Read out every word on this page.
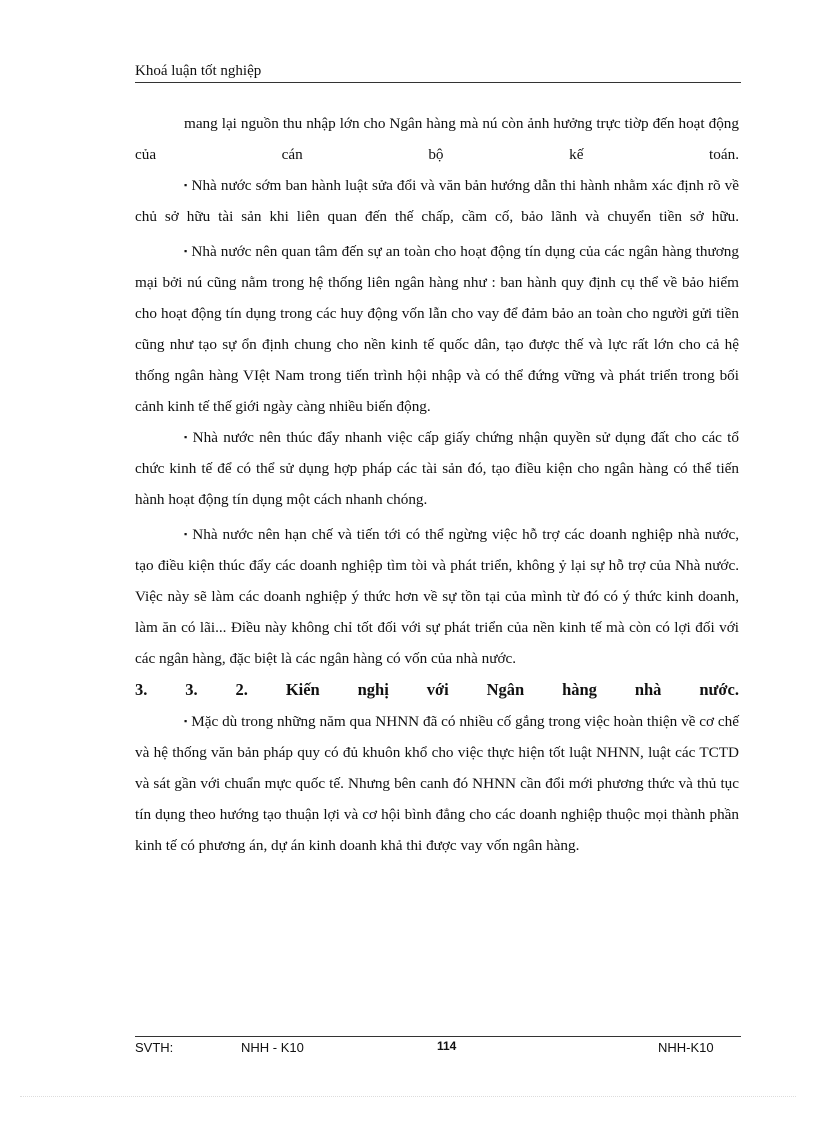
Khoá luận tốt nghiệp

mang lại nguồn thu nhập lớn cho Ngân hàng mà nú còn ảnh hưởng trực tiờp đến hoạt động của cán bộ kế toán.

▪ Nhà nước sớm ban hành luật sửa đổi và văn bản hướng dẫn thi hành nhằm xác định rõ về chủ sở hữu tài sản khi liên quan đến thế chấp, cầm cố, bảo lãnh và chuyển tiền sở hữu.

▪ Nhà nước nên quan tâm đến sự an toàn cho hoạt động tín dụng của các ngân hàng thương mại bởi nú cũng nằm trong hệ thống liên ngân hàng như : ban hành quy định cụ thể về bảo hiểm cho hoạt động tín dụng trong các huy động vốn lẫn cho vay để đảm bảo an toàn cho người gửi tiền cũng như tạo sự ổn định chung cho nền kinh tế quốc dân, tạo được thế và lực rất lớn cho cả hệ thống ngân hàng VIệt Nam trong tiến trình hội nhập và có thể đứng vững và phát triển trong bối cảnh kinh tế thế giới ngày càng nhiều biến động.

▪ Nhà nước nên thúc đẩy nhanh việc cấp giấy chứng nhận quyền sử dụng đất cho các tổ chức kinh tế để có thể sử dụng hợp pháp các tài sản đó, tạo điều kiện cho ngân hàng có thể tiến hành hoạt động tín dụng một cách nhanh chóng.

▪ Nhà nước nên hạn chế và tiến tới có thể ngừng việc hỗ trợ các doanh nghiệp nhà nước, tạo điều kiện thúc đẩy các doanh nghiệp tìm tòi và phát triển, không ỷ lại sự hỗ trợ của Nhà nước. Việc này sẽ làm các doanh nghiệp ý thức hơn về sự tồn tại của mình từ đó có ý thức kinh doanh, làm ăn có lãi... Điều này không chỉ tốt đối với sự phát triển của nền kinh tế mà còn có lợi đối với các ngân hàng, đặc biệt là các ngân hàng có vốn của nhà nước.

3. 3. 2. Kiến nghị với Ngân hàng nhà nước.

▪ Mặc dù trong những năm qua NHNN đã có nhiều cố gắng trong việc hoàn thiện về cơ chế và hệ thống văn bản pháp quy có đủ khuôn khổ cho việc thực hiện tốt luật NHNN, luật các TCTD và sát gần với chuẩn mực quốc tế. Nhưng bên canh đó NHNN cần đổi mới phương thức và thủ tục tín dụng theo hướng tạo thuận lợi và cơ hội bình đẳng cho các doanh nghiệp thuộc mọi thành phần kinh tế có phương án, dự án kinh doanh khả thi được vay vốn ngân hàng.

SVTH:	NHH - K10	114	NHH-K10
